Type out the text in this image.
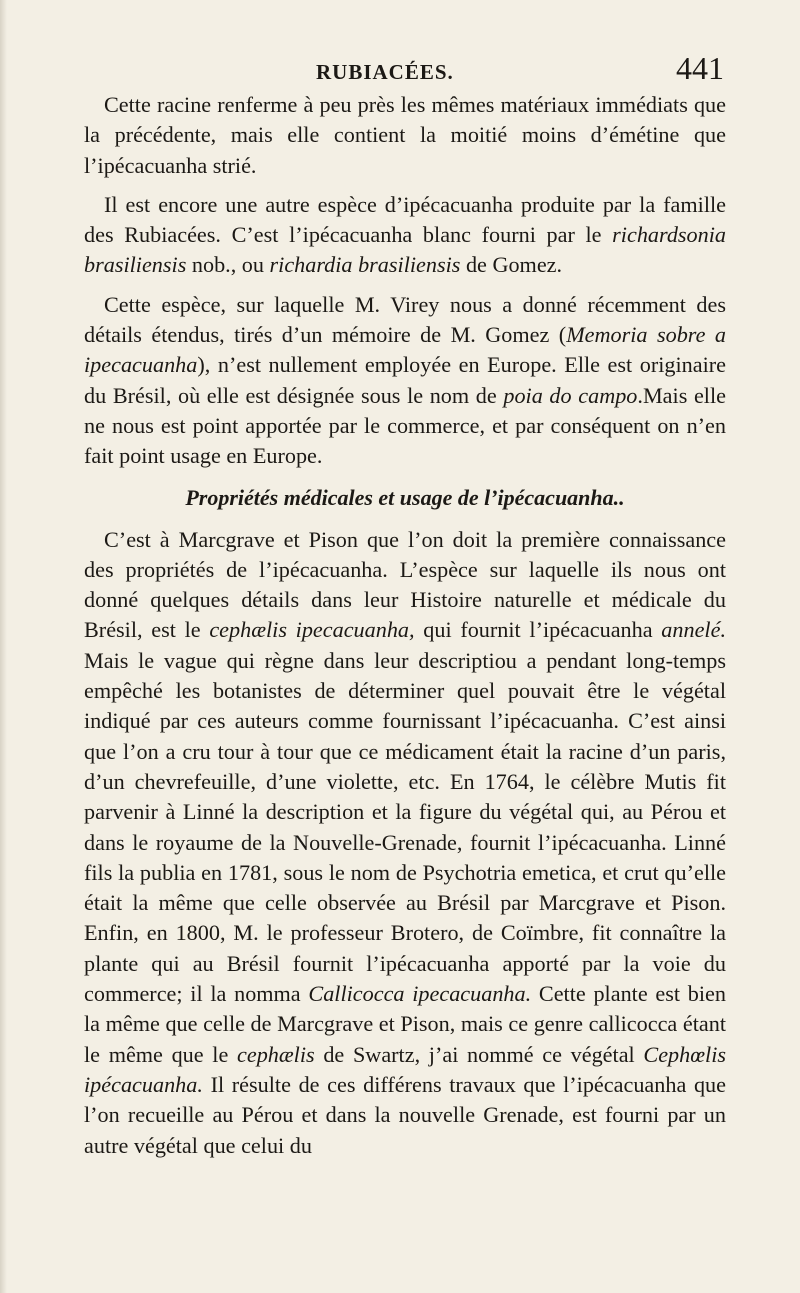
RUBIACÉES.	441

Cette racine renferme à peu près les mêmes matériaux immédiats que la précédente, mais elle contient la moitié moins d’émétine que l’ipécacuanha strié.

Il est encore une autre espèce d’ipécacuanha produite par la famille des Rubiacées. C’est l’ipécacuanha blanc fourni par le richardsonia brasiliensis nob., ou richardia brasiliensis de Gomez.

Cette espèce, sur laquelle M. Virey nous a donné récemment des détails étendus, tirés d’un mémoire de M. Gomez (Memoria sobre a ipecacuanha), n’est nullement employée en Europe. Elle est originaire du Brésil, où elle est désignée sous le nom de poia do campo.Mais elle ne nous est point apportée par le commerce, et par conséquent on n’en fait point usage en Europe.

Propriétés médicales et usage de l’ipécacuanha..

C’est à Marcgrave et Pison que l’on doit la première connaissance des propriétés de l’ipécacuanha. L’espèce sur laquelle ils nous ont donné quelques détails dans leur Histoire naturelle et médicale du Brésil, est le cephælis ipecacuanha, qui fournit l’ipécacuanha annelé. Mais le vague qui règne dans leur descriptiou a pendant long-temps empêché les botanistes de déterminer quel pouvait être le végétal indiqué par ces auteurs comme fournissant l’ipécacuanha. C’est ainsi que l’on a cru tour à tour que ce médicament était la racine d’un paris, d’un chevrefeuille, d’une violette, etc. En 1764, le célèbre Mutis fit parvenir à Linné la description et la figure du végétal qui, au Pérou et dans le royaume de la Nouvelle-Grenade, fournit l’ipécacuanha. Linné fils la publia en 1781, sous le nom de Psychotria emetica, et crut qu’elle était la même que celle observée au Brésil par Marcgrave et Pison. Enfin, en 1800, M. le professeur Brotero, de Coïmbre, fit connaître la plante qui au Brésil fournit l’ipécacuanha apporté par la voie du commerce; il la nomma Callicocca ipecacuanha. Cette plante est bien la même que celle de Marcgrave et Pison, mais ce genre callicocca étant le même que le cephælis de Swartz, j’ai nommé ce végétal Cephœlis ipécacuanha. Il résulte de ces différens travaux que l’ipécacuanha que l’on recueille au Pérou et dans la nouvelle Grenade, est fourni par un autre végétal que celui du
